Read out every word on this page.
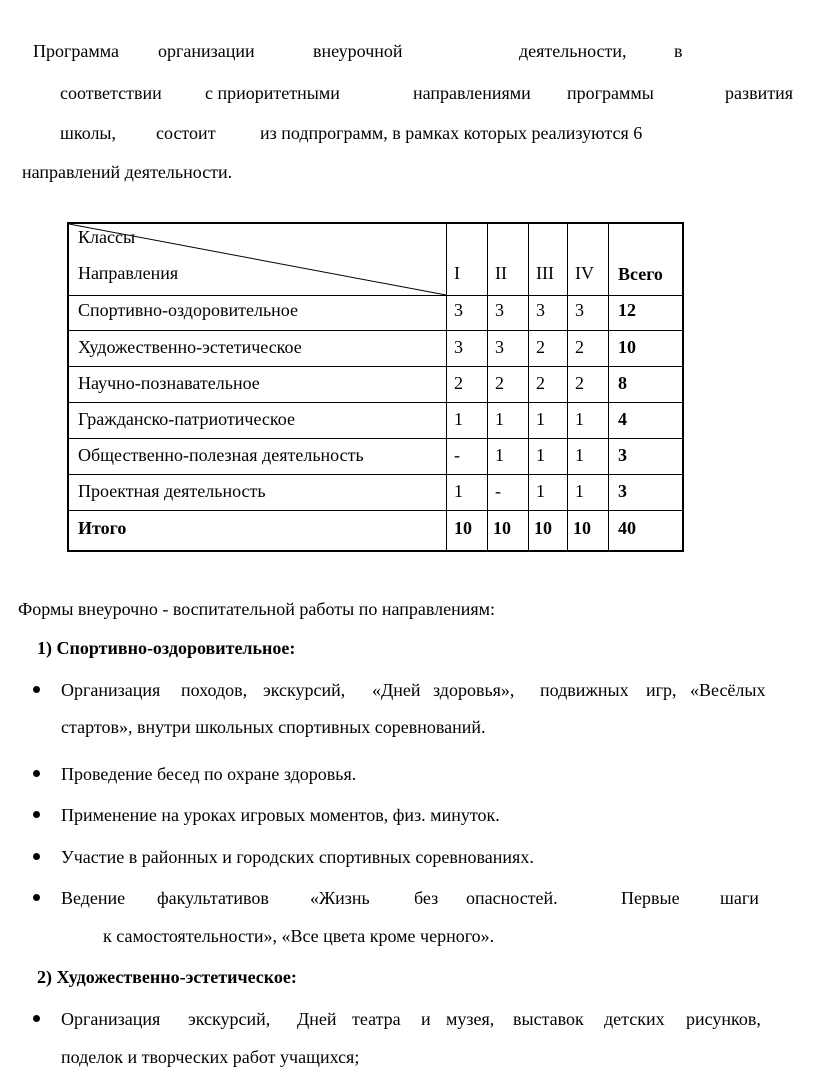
Программа организации	внеурочной	деятельности,	в
соответствии с приоритетными	направлениями программы	развития
школы, состоит из подпрограмм, в рамках которых реализуются 6
направлений деятельности.
Классы
Направления	I II III IV Всего
Спортивно-оздоровительное	3 3 3 3 12
Художественно-эстетическое	3 3 2 2 10
Научно-познавательное	2 2 2 2 8
Гражданско-патриотическое	1 1 1 1 4
Общественно-полезная деятельность	- 1 1 1 3
Проектная деятельность	1 - 1 1 3
Итого	10 10 10 10 40
Формы внеурочно - воспитательной работы по направлениям:
1) Спортивно-оздоровительное:
Организация походов, экскурсий, «Дней здоровья», подвижных игр, «Весёлых
стартов», внутри школьных спортивных соревнований.
Проведение бесед по охране здоровья.
Применение на уроках игровых моментов, физ. минуток.
Участие в районных и городских спортивных соревнованиях.
Ведение факультативов «Жизнь без опасностей.	Первые шаги
к самостоятельности», «Все цвета кроме черного».
2) Художественно-эстетическое:
Организация экскурсий, Дней театра и музея, выставок детских рисунков,
поделок и творческих работ учащихся;
